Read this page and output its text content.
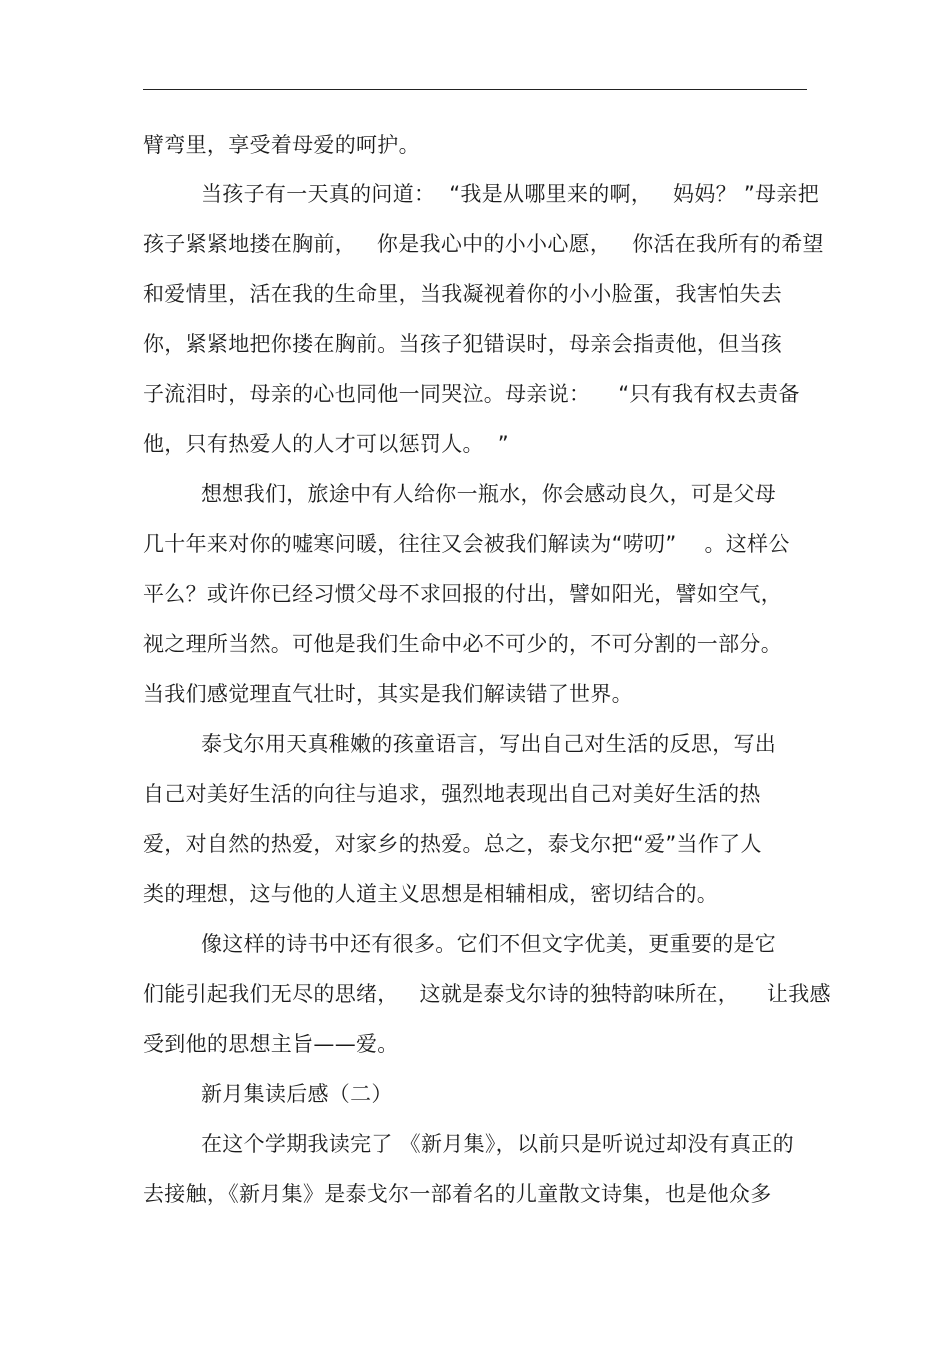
臂弯里，享受着母爱的呵护。
当孩子有一天真的问道：  “我是从哪里来的啊，   妈妈？ ”母亲把
孩子紧紧地搂在胸前，   你是我心中的小小心愿，   你活在我所有的希望
和爱情里，活在我的生命里，当我凝视着你的小小脸蛋，我害怕失去
你，紧紧地把你搂在胸前。当孩子犯错误时，母亲会指责他，但当孩
子流泪时，母亲的心也同他一同哭泣。母亲说：    “只有我有权去责备
他，只有热爱人的人才可以惩罚人。  ”
想想我们，旅途中有人给你一瓶水，你会感动良久，可是父母
几十年来对你的嘘寒问暖，往往又会被我们解读为“唠叨”    。这样公
平么？或许你已经习惯父母不求回报的付出，譬如阳光，譬如空气，
视之理所当然。可他是我们生命中必不可少的，不可分割的一部分。
当我们感觉理直气壮时，其实是我们解读错了世界。
泰戈尔用天真稚嫩的孩童语言，写出自己对生活的反思，写出
自己对美好生活的向往与追求，强烈地表现出自己对美好生活的热
爱，对自然的热爱，对家乡的热爱。总之，泰戈尔把“爱”当作了人
类的理想，这与他的人道主义思想是相辅相成，密切结合的。
像这样的诗书中还有很多。它们不但文字优美，更重要的是它
们能引起我们无尽的思绪，   这就是泰戈尔诗的独特韵味所在，    让我感
受到他的思想主旨——爱。
新月集读后感（二）
在这个学期我读完了 《新月集》，以前只是听说过却没有真正的
去接触，《新月集》是泰戈尔一部着名的儿童散文诗集，也是他众多
